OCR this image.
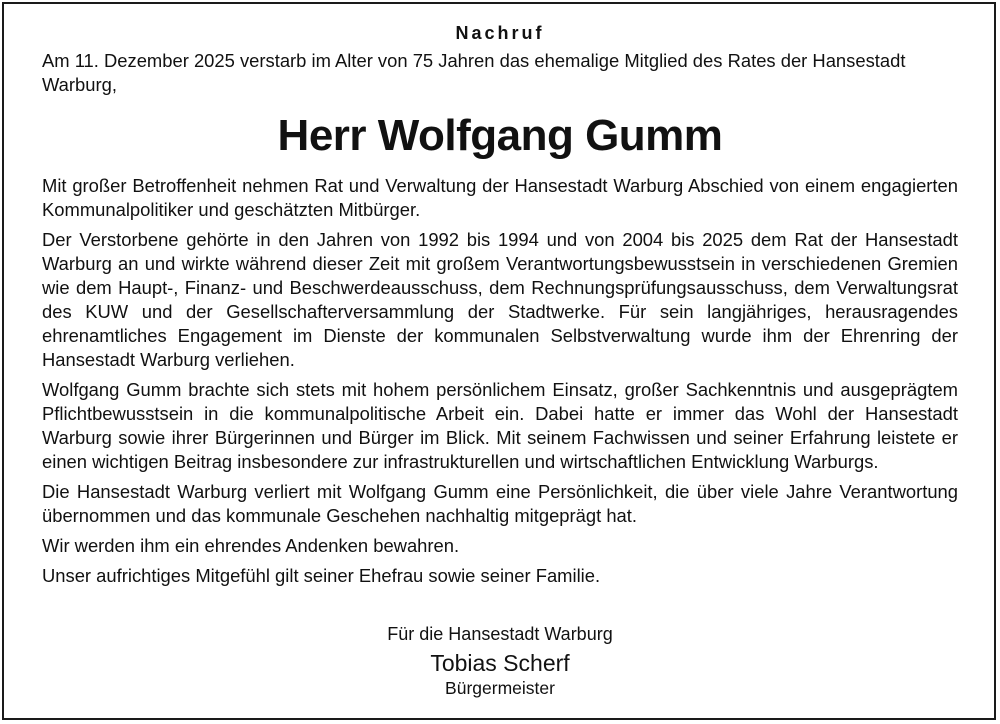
Nachruf

Am 11. Dezember 2025 verstarb im Alter von 75 Jahren das ehemalige Mitglied des Rates der Hansestadt Warburg,

Herr Wolfgang Gumm

Mit großer Betroffenheit nehmen Rat und Verwaltung der Hansestadt Warburg Abschied von einem engagierten Kommunalpolitiker und geschätzten Mitbürger.

Der Verstorbene gehörte in den Jahren von 1992 bis 1994 und von 2004 bis 2025 dem Rat der Hansestadt Warburg an und wirkte während dieser Zeit mit großem Verantwortungsbewusstsein in verschiedenen Gremien wie dem Haupt-, Finanz- und Beschwerdeausschuss, dem Rechnungsprüfungsausschuss, dem Verwaltungsrat des KUW und der Gesellschafterversammlung der Stadtwerke. Für sein langjähriges, herausragendes ehrenamtliches Engagement im Dienste der kommunalen Selbstverwaltung wurde ihm der Ehrenring der Hansestadt Warburg verliehen.

Wolfgang Gumm brachte sich stets mit hohem persönlichem Einsatz, großer Sachkenntnis und ausgeprägtem Pflichtbewusstsein in die kommunalpolitische Arbeit ein. Dabei hatte er immer das Wohl der Hansestadt Warburg sowie ihrer Bürgerinnen und Bürger im Blick. Mit seinem Fachwissen und seiner Erfahrung leistete er einen wichtigen Beitrag insbesondere zur infrastrukturellen und wirtschaftlichen Entwicklung Warburgs.

Die Hansestadt Warburg verliert mit Wolfgang Gumm eine Persönlichkeit, die über viele Jahre Verantwortung übernommen und das kommunale Geschehen nachhaltig mitgeprägt hat.

Wir werden ihm ein ehrendes Andenken bewahren.

Unser aufrichtiges Mitgefühl gilt seiner Ehefrau sowie seiner Familie.

Für die Hansestadt Warburg
Tobias Scherf
Bürgermeister
